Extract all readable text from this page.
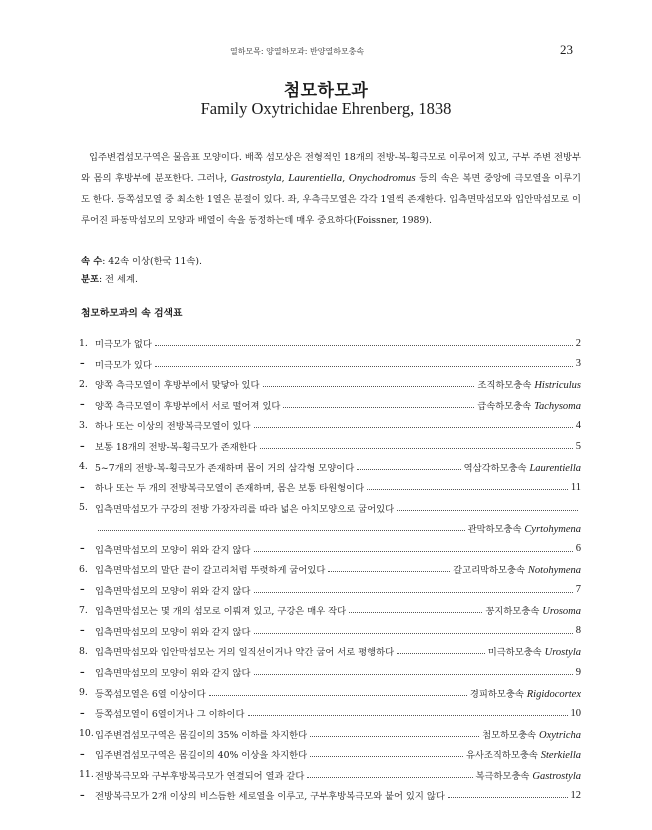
열하모목: 양열하모과: 반양열하모충속	23
첨모하모과
Family Oxytrichidae Ehrenberg, 1838

입주변겹섬모구역은 물음표 모양이다. 배쪽 섬모상은 전형적인 18개의 전방-복-횡극모로 이루어져 있고, 구부 주변 전방부와 몸의 후방부에 분포한다. 그러나, Gastrostyla, Laurentiella, Onychodromus 등의 속은 복면 중앙에 극모열을 이루기도 한다. 등쪽섬모열 중 최소한 1열은 분절이 있다. 좌, 우측극모열은 각각 1열씩 존재한다. 입측면막섬모와 입안막섬모로 이루어진 파동막섬모의 모양과 배열이 속을 동정하는데 매우 중요하다(Foissner, 1989).

속 수: 42속 이상(한국 11속).
분포: 전 세계.
첨모하모과의 속 검색표
1. 미극모가 없다	2
–	미극모가 있다	3
2. 양쪽 측극모열이 후방부에서 맞닿아 있다	조직하모충속 Histriculus
–	양쪽 측극모열이 후방부에서 서로 떨어져 있다	급속하모충속 Tachysoma
3. 하나 또는 이상의 전방복극모열이 있다	4
–	보통 18개의 전방-복-횡극모가 존재한다	5
4. 5~7개의 전방-복-횡극모가 존재하며 몸이 거의 삼각형 모양이다	역삼각하모충속 Laurentiella
–	하나 또는 두 개의 전방복극모열이 존재하며, 몸은 보통 타원형이다	11
5. 입측면막섬모가 구강의 전방 가장자리를 따라 넓은 아치모양으로 굽어있다
관막하모충속 Cyrtohymena
–	입측면막섬모의 모양이 위와 같지 않다	6
6. 입측면막섬모의 말단 끝이 갈고리처럼 뚜렷하게 굽어있다	갈고리막하모충속 Notohymena
–	입측면막섬모의 모양이 위와 같지 않다	7
7. 입측면막섬모는 몇 개의 섬모로 이뤄져 있고, 구강은 매우 작다	꽁지하모충속 Urosoma
–	입측면막섬모의 모양이 위와 같지 않다	8
8. 입측면막섬모와 입안막섬모는 거의 일직선이거나 약간 굽어 서로 평행하다	미극하모충속 Urostyla
–	입측면막섬모의 모양이 위와 같지 않다	9
9. 등쪽섬모열은 6열 이상이다	경피하모충속 Rigidocortex
–	등쪽섬모열이 6열이거나 그 이하이다	10
10. 입주변겹섬모구역은 몸길이의 35% 이하를 차지한다	첨모하모충속 Oxytricha
–	입주변겹섬모구역은 몸길이의 40% 이상을 차지한다	유사조직하모충속 Sterkiella
11. 전방복극모와 구부후방복극모가 연결되어 열과 같다	복극하모충속 Gastrostyla
–	전방복극모가 2개 이상의 비스듬한 세로열을 이루고, 구부후방복극모와 붙어 있지 않다	12
